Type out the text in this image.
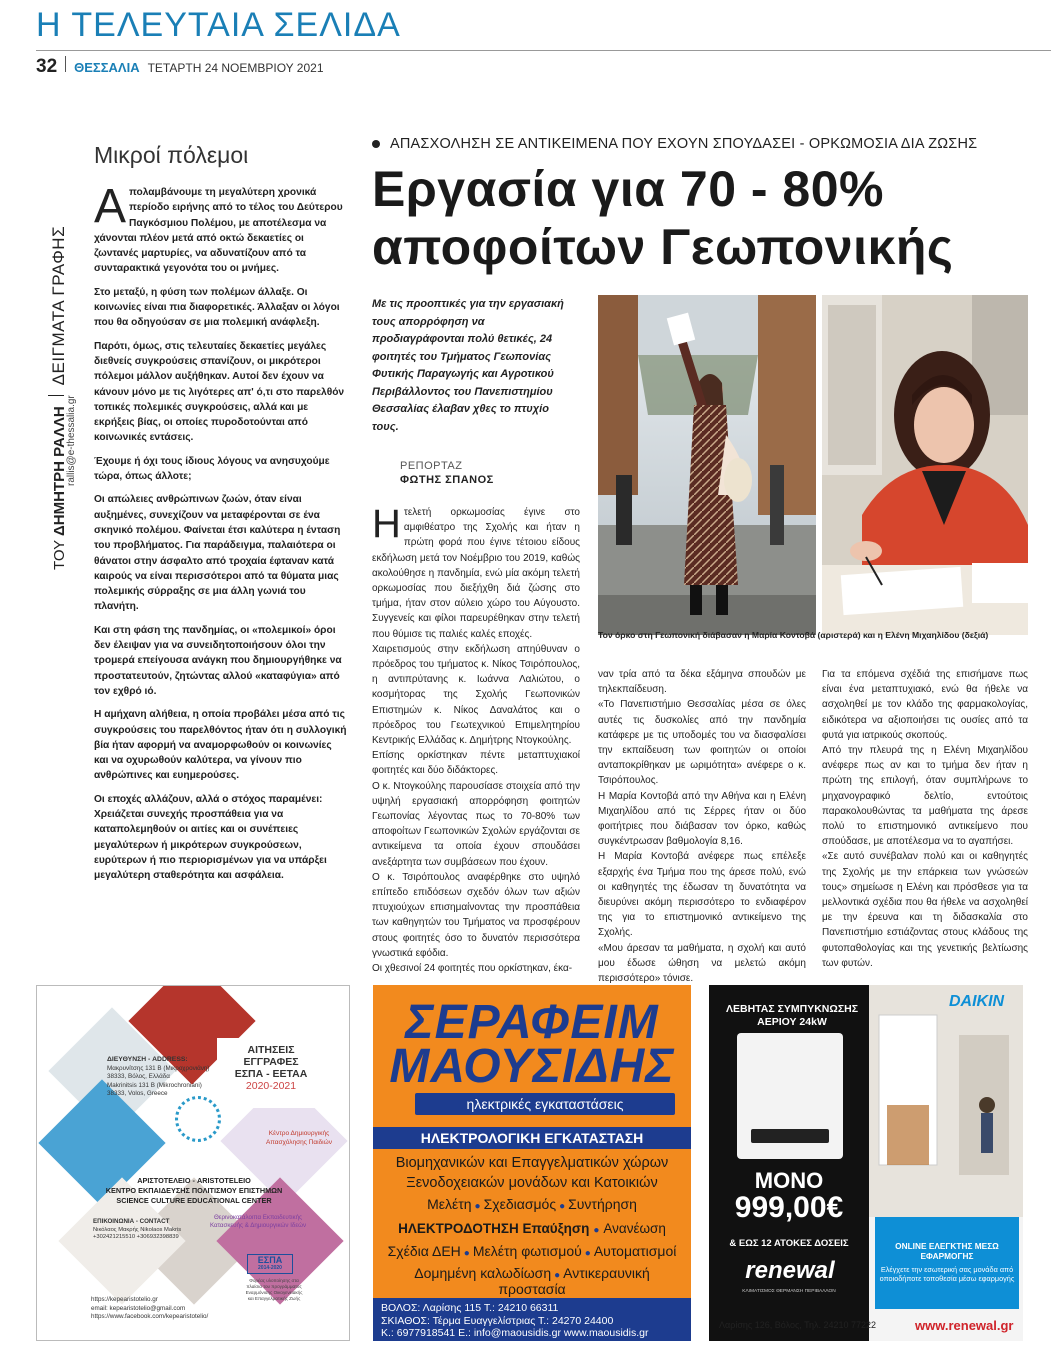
Η ΤΕΛΕΥΤΑΙΑ ΣΕΛΙΔΑ
32 ΘΕΣΣΑΛΙΑ ΤΕΤΑΡΤΗ 24 ΝΟΕΜΒΡΙΟΥ 2021
ΤΟΥ ΔΗΜΗΤΡΗ ΡΑΛΛΗ
ΔΕΙΓΜΑΤΑ ΓΡΑΦΗΣ
rallis@e-thessalia.gr
Μικροί πόλεμοι

Απολαμβάνουμε τη μεγαλύτερη χρονικά περίοδο ειρήνης από το τέλος του Δεύτερου Παγκόσμιου Πολέμου, με αποτέλεσμα να χάνονται πλέον μετά από οκτώ δεκαετίες οι ζωντανές μαρτυρίες, να αδυνατίζουν από τα συνταρακτικά γεγονότα του οι μνήμες.

Στο μεταξύ, η φύση των πολέμων άλλαξε. Οι κοινωνίες είναι πια διαφορετικές. Άλλαξαν οι λόγοι που θα οδηγούσαν σε μια πολεμική ανάφλεξη.

Παρότι, όμως, στις τελευταίες δεκαετίες μεγάλες διεθνείς συγκρούσεις σπανίζουν, οι μικρότεροι πόλεμοι μάλλον αυξήθηκαν. Αυτοί δεν έχουν να κάνουν μόνο με τις λιγότερες απ' ό,τι στο παρελθόν τοπικές πολεμικές συγκρούσεις, αλλά και με εκρήξεις βίας, οι οποίες πυροδοτούνται από κοινωνικές εντάσεις.

Έχουμε ή όχι τους ίδιους λόγους να ανησυχούμε τώρα, όπως άλλοτε;

Οι απώλειες ανθρώπινων ζωών, όταν είναι αυξημένες, συνεχίζουν να μεταφέρονται σε ένα σκηνικό πολέμου. Φαίνεται έτσι καλύτερα η ένταση του προβλήματος. Για παράδειγμα, παλαιότερα οι θάνατοι στην άσφαλτο από τροχαία έφταναν κατά καιρούς να είναι περισσότεροι από τα θύματα μιας πολεμικής σύρραξης σε μια άλλη γωνιά του πλανήτη.

Και στη φάση της πανδημίας, οι «πολεμικοί» όροι δεν έλειψαν για να συνειδητοποιήσουν όλοι την τρομερά επείγουσα ανάγκη που δημιουργήθηκε να προστατευτούν, ζητώντας αλλού «καταφύγια» από τον εχθρό ιό.

Η αμήχανη αλήθεια, η οποία προβάλει μέσα από τις συγκρούσεις του παρελθόντος ήταν ότι η συλλογική βία ήταν αφορμή να αναμορφωθούν οι κοινωνίες και να οχυρωθούν καλύτερα, να γίνουν πιο ανθρώπινες και ευημερούσες.

Οι εποχές αλλάζουν, αλλά ο στόχος παραμένει: Χρειάζεται συνεχής προσπάθεια για να καταπολεμηθούν οι αιτίες και οι συνέπειες μεγαλύτερων ή μικρότερων συγκρούσεων, ευρύτερων ή πιο περιορισμένων για να υπάρξει μεγαλύτερη σταθερότητα και ασφάλεια.

ΑΠΑΣΧΟΛΗΣΗ ΣΕ ΑΝΤΙΚΕΙΜΕΝΑ ΠΟΥ ΕΧΟΥΝ ΣΠΟΥΔΑΣΕΙ - ΟΡΚΩΜΟΣΙΑ ΔΙΑ ΖΩΣΗΣ
Εργασία για 70 - 80%
αποφοίτων Γεωπονικής
Με τις προοπτικές για την εργασιακή τους απορρόφηση να προδιαγράφονται πολύ θετικές, 24 φοιτητές του Τμήματος Γεωπονίας Φυτικής Παραγωγής και Αγροτικού Περιβάλλοντος του Πανεπιστημίου Θεσσαλίας έλαβαν χθες το πτυχίο τους.
ΡΕΠΟΡΤΑΖ
ΦΩΤΗΣ ΣΠΑΝΟΣ
Τον όρκο στη Γεωπονική διάβασαν η Μαρία Κοντοβά (αριστερά) και η Ελένη Μιχαηλίδου (δεξιά)

Ητελετή ορκωμοσίας έγινε στο αμφιθέατρο της Σχολής και ήταν η πρώτη φορά που έγινε τέτοιου είδους εκδήλωση μετά τον Νοέμβριο του 2019, καθώς ακολούθησε η πανδημία, ενώ μία ακόμη τελετή ορκωμοσίας που διεξήχθη διά ζώσης στο τμήμα, ήταν στον αύλειο χώρο του Αύγουστο. Συγγενείς και φίλοι παρευρέθηκαν στην τελετή που θύμισε τις παλιές καλές εποχές.

Χαιρετισμούς στην εκδήλωση απηύθυναν ο πρόεδρος του τμήματος κ. Νίκος Τσιρόπουλος, η αντιπρύτανης κ. Ιωάννα Λαλιώτου, ο κοσμήτορας της Σχολής Γεωπονικών Επιστημών κ. Νίκος Δαναλάτος και ο πρόεδρος του Γεωτεχνικού Επιμελητηρίου Κεντρικής Ελλάδας κ. Δημήτρης Ντογκούλης.

Επίσης ορκίστηκαν πέντε μεταπτυχιακοί φοιτητές και δύο διδάκτορες.

Ο κ. Ντογκούλης παρουσίασε στοιχεία από την υψηλή εργασιακή απορρόφηση φοιτητών Γεωπονίας λέγοντας πως το 70-80% των αποφοίτων Γεωπονικών Σχολών εργάζονται σε αντικείμενα τα οποία έχουν σπουδάσει ανεξάρτητα των συμβάσεων που έχουν.

Ο κ. Τσιρόπουλος αναφέρθηκε στο υψηλό επίπεδο επιδόσεων σχεδόν όλων των αξιών πτυχιούχων επισημαίνοντας την προσπάθεια των καθηγητών του Τμήματος να προσφέρουν στους φοιτητές όσο το δυνατόν περισσότερα γνωστικά εφόδια.

Οι χθεσινοί 24 φοιτητές που ορκίστηκαν, έκα-

ναν τρία από τα δέκα εξάμηνα σπουδών με τηλεκπαίδευση.

«Το Πανεπιστήμιο Θεσσαλίας μέσα σε όλες αυτές τις δυσκολίες από την πανδημία κατάφερε με τις υποδομές του να διασφαλίσει την εκπαίδευση των φοιτητών οι οποίοι ανταποκρίθηκαν με ωριμότητα» ανέφερε ο κ. Τσιρόπουλος.

Η Μαρία Κοντοβά από την Αθήνα και η Ελένη Μιχαηλίδου από τις Σέρρες ήταν οι δύο φοιτήτριες που διάβασαν τον όρκο, καθώς συγκέντρωσαν βαθμολογία 8,16.

Η Μαρία Κοντοβά ανέφερε πως επέλεξε εξαρχής ένα Τμήμα που της άρεσε πολύ, ενώ οι καθηγητές της έδωσαν τη δυνατότητα να διευρύνει ακόμη περισσότερο το ενδιαφέρον της για το επιστημονικό αντικείμενο της Σχολής.

«Μου άρεσαν τα μαθήματα, η σχολή και αυτό μου έδωσε ώθηση να μελετώ ακόμη περισσότερο» τόνισε.

Για τα επόμενα σχέδιά της επισήμανε πως είναι ένα μεταπτυχιακό, ενώ θα ήθελε να ασχοληθεί με τον κλάδο της φαρμακολογίας, ειδικότερα να αξιοποιήσει τις ουσίες από τα φυτά για ιατρικούς σκοπούς.

Από την πλευρά της η Ελένη Μιχαηλίδου ανέφερε πως αν και το τμήμα δεν ήταν η πρώτη της επιλογή, όταν συμπλήρωνε το μηχανογραφικό δελτίο, εντούτοις παρακολουθώντας τα μαθήματα της άρεσε πολύ το επιστημονικό αντικείμενο που σπούδασε, με αποτέλεσμα να το αγαπήσει.

«Σε αυτό συνέβαλαν πολύ και οι καθηγητές της Σχολής με την επάρκεια των γνώσεών τους» σημείωσε η Ελένη και πρόσθεσε για τα μελλοντικά σχέδια που θα ήθελε να ασχοληθεί με την έρευνα και τη διδασκαλία στο Πανεπιστήμιο εστιάζοντας στους κλάδους της φυτοπαθολογίας και της γενετικής βελτίωσης των φυτών.

ΔΙΕΥΘΥΝΣΗ - ADDRESS:
Μακρυνίτσης 131 Β (Μικροχρονιάνη)
38333, Βόλος, Ελλάδα
Makrinitsis 131 B (Mikrochroniani)
38333, Volos, Greece
ΑΙΤΗΣΕΙΣ
ΕΓΓΡΑΦΕΣ
ΕΣΠΑ - ΕΕΤΑΑ
2020-2021
Κέντρο Δημιουργικής Απασχόλησης Παιδιών
ΑΡΙΣΤΟΤΕΛΕΙΟ - ARISTOTELEIO
ΚΕΝΤΡΟ ΕΚΠΑΙΔΕΥΣΗΣ ΠΟΛΙΤΙΣΜΟΥ ΕΠΙΣΤΗΜΩΝ
SCIENCE CULTURE EDUCATIONAL CENTER
ΕΠΙΚΟΙΝΩΝΙΑ - CONTACT
Νικόλαος Μακρής Nikolaos Makris
+302421215510 +306932398839
Θερινοκατάλοιπα Εκπαιδευτικής Κατασκευής & Δημιουργικών Ιδεών
ΕΣΠΑ
2014-2020
Φορέας υλοποίησης στα πλαίσια του προγράμματος Εναρμόνισης Οικογενειακής και Επαγγελματικής Ζωής
https://kepearistotelio.gr
email: kepearistotelio@gmail.com
https://www.facebook.com/kepearistotelio/
ΣΕΡΑΦΕΙΜ
ΜΑΟΥΣΙΔΗΣ
ηλεκτρικές εγκαταστάσεις
ΗΛΕΚΤΡΟΛΟΓΙΚΗ ΕΓΚΑΤΑΣΤΑΣΗ
Βιομηχανικών και Επαγγελματικών χώρων
Ξενοδοχειακών μονάδων και Κατοικιών
Μελέτη ● Σχεδιασμός ● Συντήρηση
ΗΛΕΚΤΡΟΔΟΤΗΣΗ Επαύξηση ● Ανανέωση
Σχέδια ΔΕΗ ● Μελέτη φωτισμού ● Αυτοματισμοί
Δομημένη καλωδίωση ● Αντικεραυνική προστασία
ΒΟΛΟΣ: Λαρίσης 115 Τ.: 24210 66311
ΣΚΙΑΘΟΣ: Τέρμα Ευαγγελίστριας Τ.: 24270 24400
Κ.: 6977918541 Ε.: info@maousidis.gr www.maousidis.gr
ΛΕΒΗΤΑΣ ΣΥΜΠΥΚΝΩΣΗΣ
ΑΕΡΙΟΥ 24kW
ΜΟΝΟ
999,00€
& ΕΩΣ 12 ΑΤΟΚΕΣ ΔΟΣΕΙΣ
renewal
ΚΛΙΜΑΤΙΣΜΟΣ ΘΕΡΜΑΝΣΗ ΠΕΡΙΒΑΛΛΟΝ
DAIKIN
ONLINE ΕΛΕΓΚΤΗΣ ΜΕΣΩ
ΕΦΑΡΜΟΓΗΣ
Ελέγχετε την εσωτερική σας μονάδα από οποιοδήποτε τοποθεσία μέσω εφαρμογής
Λαρίσης 126, Βόλος, Τηλ. 24210 77222	www.renewal.gr
